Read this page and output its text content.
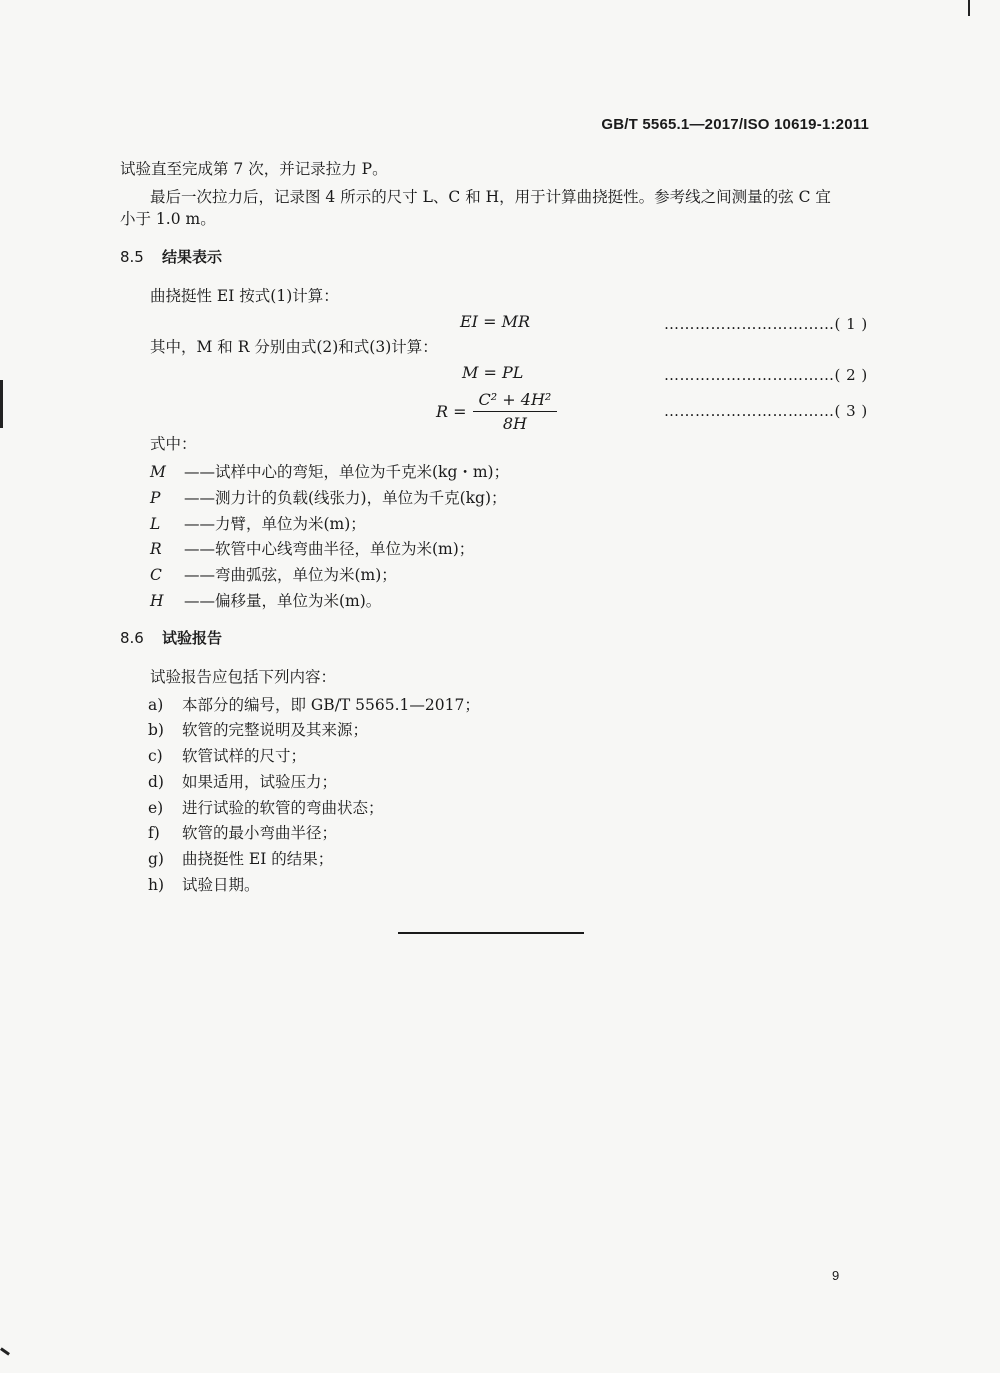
GB/T 5565.1—2017/ISO 10619-1:2011

试验直至完成第 7 次，并记录拉力 P。

最后一次拉力后，记录图 4 所示的尺寸 L、C 和 H，用于计算曲挠挺性。参考线之间测量的弦 C 宜

小于 1.0 m。

8.5 结果表示

曲挠挺性 EI 按式(1)计算：

EI = MR	……………………………( 1 )

其中，M 和 R 分别由式(2)和式(3)计算：

M = PL	……………………………( 2 )
$R = \frac{\text{C² + 4H²}}{8H}$	……………………………( 3 )

式中：

M ——试样中心的弯矩，单位为千克米(kg・m)；
P ——测力计的负载(线张力)，单位为千克(kg)；
L ——力臂，单位为米(m)；
R ——软管中心线弯曲半径，单位为米(m)；
C ——弯曲弧弦，单位为米(m)；
H ——偏移量，单位为米(m)。
8.6 试验报告

试验报告应包括下列内容：

a) 本部分的编号，即 GB/T 5565.1—2017；
b) 软管的完整说明及其来源；
c) 软管试样的尺寸；
d) 如果适用，试验压力；
e) 进行试验的软管的弯曲状态；
f) 软管的最小弯曲半径；
g) 曲挠挺性 EI 的结果；
h) 试验日期。
9
